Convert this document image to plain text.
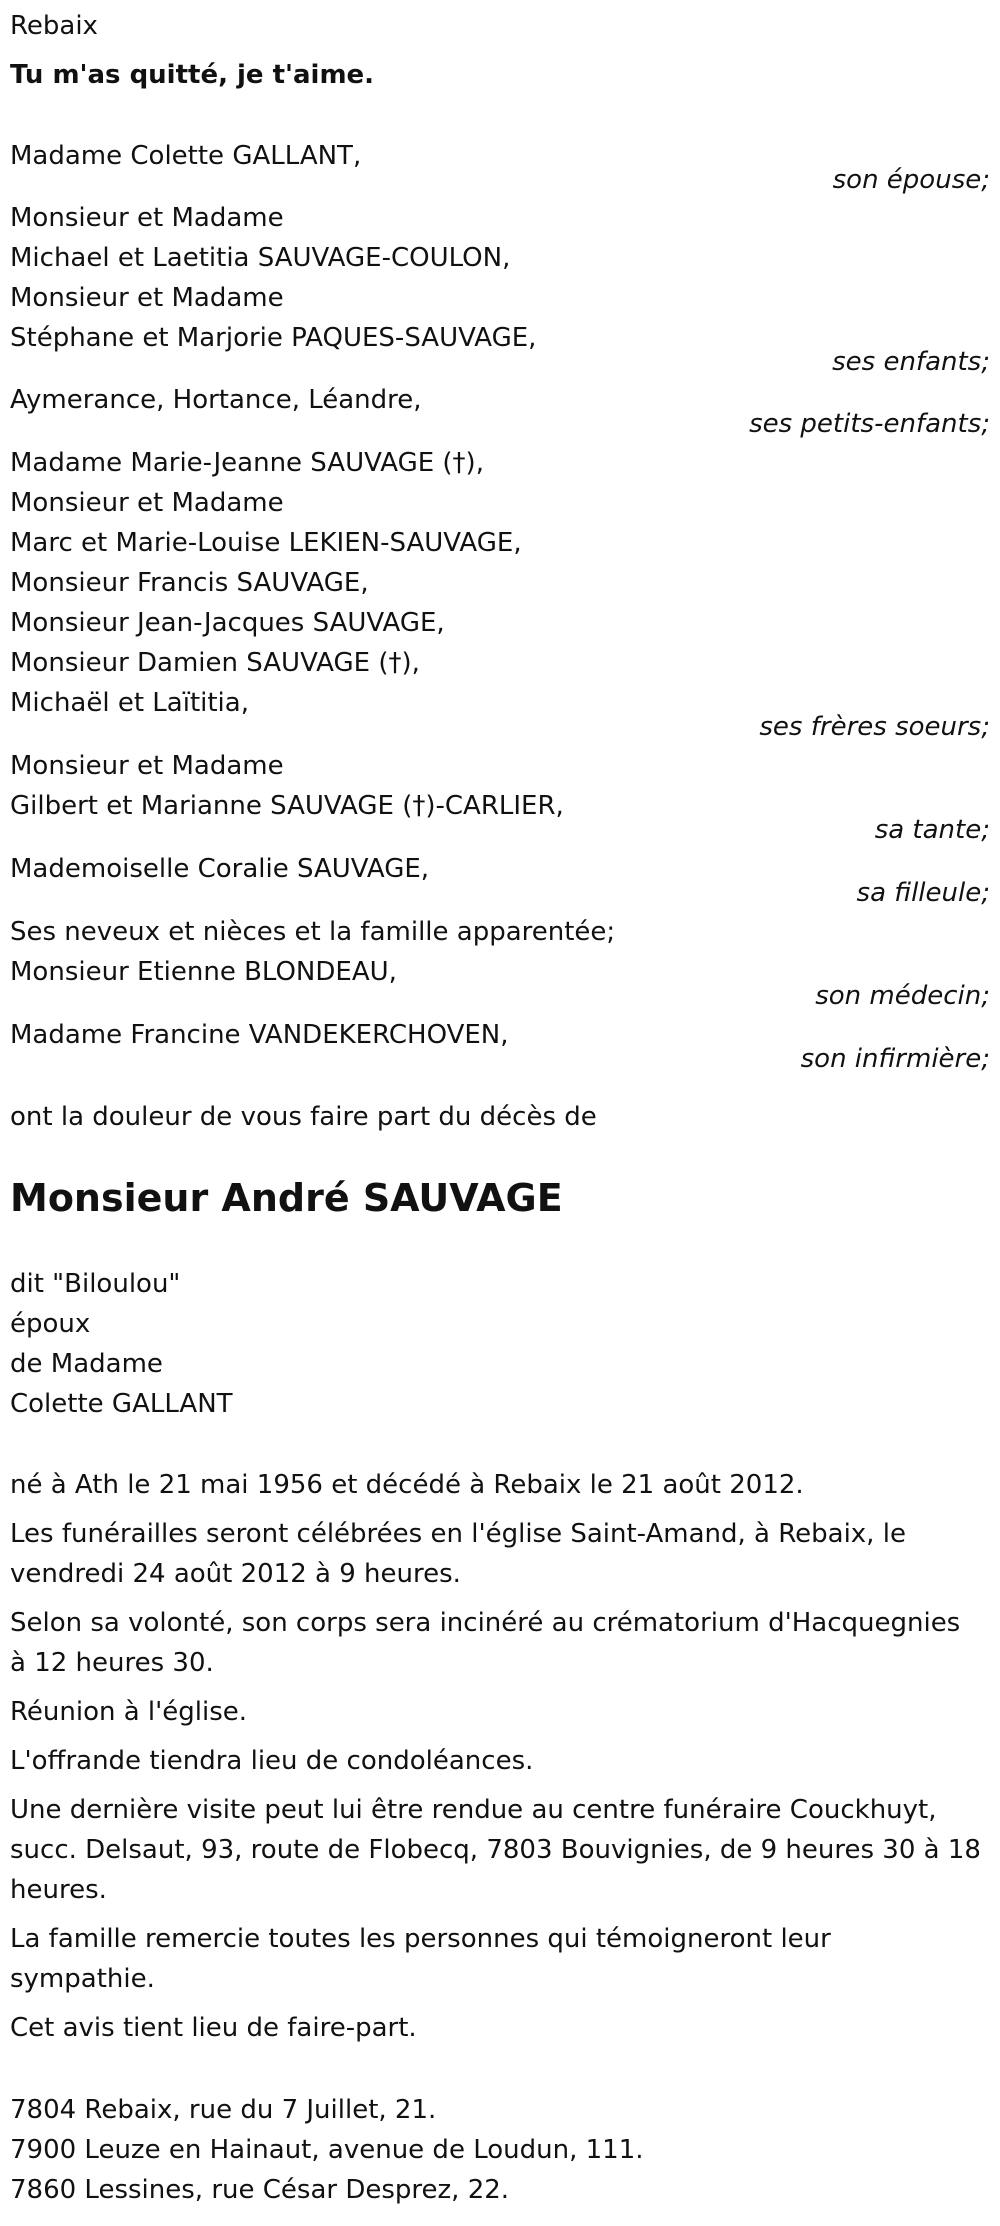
Rebaix
Tu m'as quitté, je t'aime.
Madame Colette GALLANT,
son épouse;
Monsieur et Madame
Michael et Laetitia SAUVAGE-COULON,
Monsieur et Madame
Stéphane et Marjorie PAQUES-SAUVAGE,
ses enfants;
Aymerance, Hortance, Léandre,
ses petits-enfants;
Madame Marie-Jeanne SAUVAGE (†),
Monsieur et Madame
Marc et Marie-Louise LEKIEN-SAUVAGE,
Monsieur Francis SAUVAGE,
Monsieur Jean-Jacques SAUVAGE,
Monsieur Damien SAUVAGE (†),
Michaël et Laïtitia,
ses frères soeurs;
Monsieur et Madame
Gilbert et Marianne SAUVAGE (†)-CARLIER,
sa tante;
Mademoiselle Coralie SAUVAGE,
sa filleule;
Ses neveux et nièces et la famille apparentée;
Monsieur Etienne BLONDEAU,
son médecin;
Madame Francine VANDEKERCHOVEN,
son infirmière;
ont la douleur de vous faire part du décès de
Monsieur André SAUVAGE
dit "Biloulou"
époux
de Madame
Colette GALLANT
né à Ath le 21 mai 1956 et décédé à Rebaix le 21 août 2012.
Les funérailles seront célébrées en l'église Saint-Amand, à Rebaix, le
vendredi 24 août 2012 à 9 heures.
Selon sa volonté, son corps sera incinéré au crématorium d'Hacquegnies
à 12 heures 30.
Réunion à l'église.
L'offrande tiendra lieu de condoléances.
Une dernière visite peut lui être rendue au centre funéraire Couckhuyt,
succ. Delsaut, 93, route de Flobecq, 7803 Bouvignies, de 9 heures 30 à 18
heures.
La famille remercie toutes les personnes qui témoigneront leur
sympathie.
Cet avis tient lieu de faire-part.
7804 Rebaix, rue du 7 Juillet, 21.
7900 Leuze en Hainaut, avenue de Loudun, 111.
7860 Lessines, rue César Desprez, 22.
